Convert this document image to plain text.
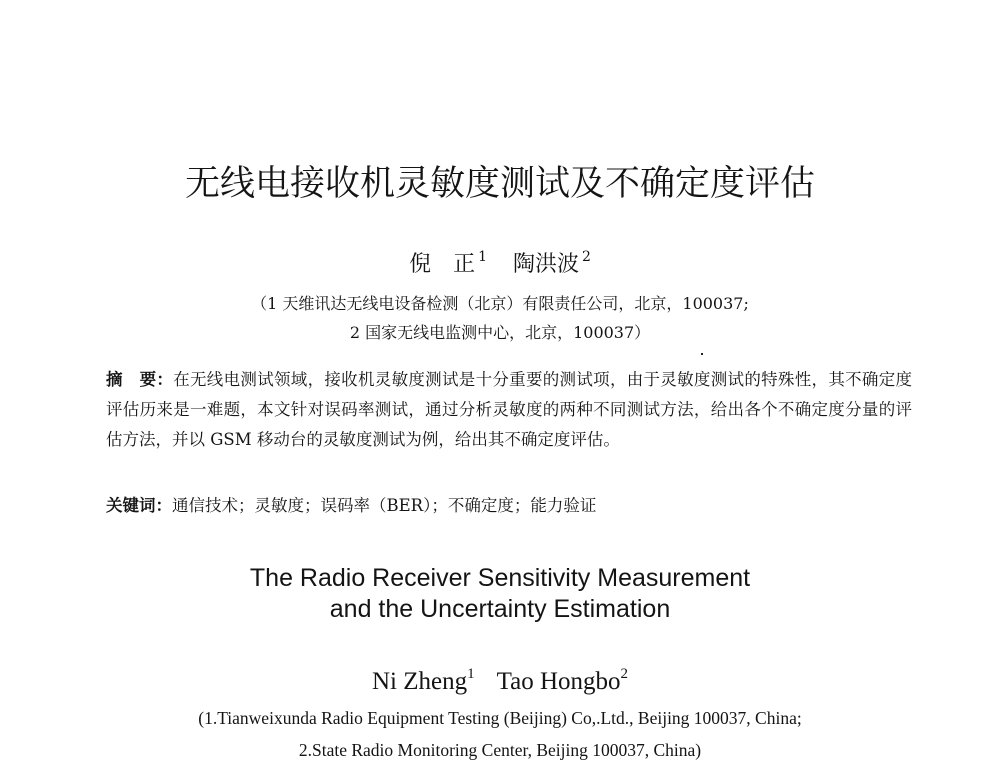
无线电接收机灵敏度测试及不确定度评估
倪　正 $^1$ 陶洪波 $^2$
（1 天维讯达无线电设备检测（北京）有限责任公司，北京，100037;
2 国家无线电监测中心，北京，100037）
摘　要：在无线电测试领域，接收机灵敏度测试是十分重要的测试项，由于灵敏度测试的特殊性，其不确定度评估历来是一难题，本文针对误码率测试，通过分析灵敏度的两种不同测试方法，给出各个不确定度分量的评估方法，并以 GSM 移动台的灵敏度测试为例，给出其不确定度评估。
关键词：通信技术；灵敏度；误码率（BER）；不确定度；能力验证
The Radio Receiver Sensitivity Measurement
and the Uncertainty Estimation
Ni Zheng$^1$ Tao Hongbo$^2$
(1.Tianweixunda Radio Equipment Testing (Beijing) Co,.Ltd., Beijing 100037, China;
2.State Radio Monitoring Center, Beijing 100037, China)
